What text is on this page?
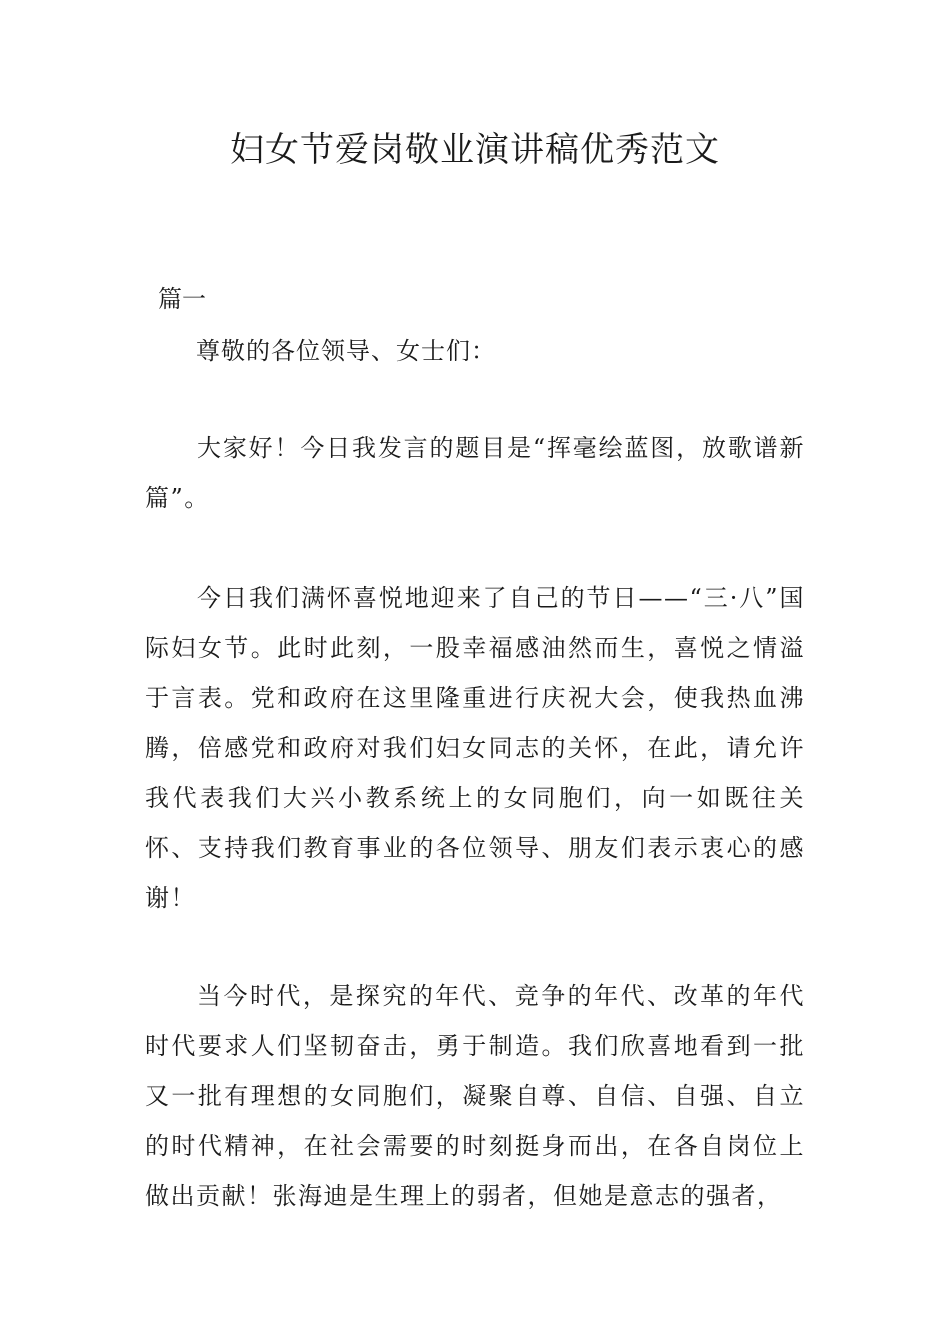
妇女节爱岗敬业演讲稿优秀范文
篇一
尊敬的各位领导、女士们：

大家好！今日我发言的题目是“挥毫绘蓝图，放歌谱新篇”。

今日我们满怀喜悦地迎来了自己的节日——“三·八”国际妇女节。此时此刻，一股幸福感油然而生，喜悦之情溢于言表。党和政府在这里隆重进行庆祝大会，使我热血沸腾，倍感党和政府对我们妇女同志的关怀，在此，请允许我代表我们大兴小教系统上的女同胞们，向一如既往关怀、支持我们教育事业的各位领导、朋友们表示衷心的感谢！

当今时代，是探究的年代、竞争的年代、改革的年代时代要求人们坚韧奋击，勇于制造。我们欣喜地看到一批又一批有理想的女同胞们，凝聚自尊、自信、自强、自立的时代精神，在社会需要的时刻挺身而出，在各自岗位上做出贡献！张海迪是生理上的弱者，但她是意志的强者，
